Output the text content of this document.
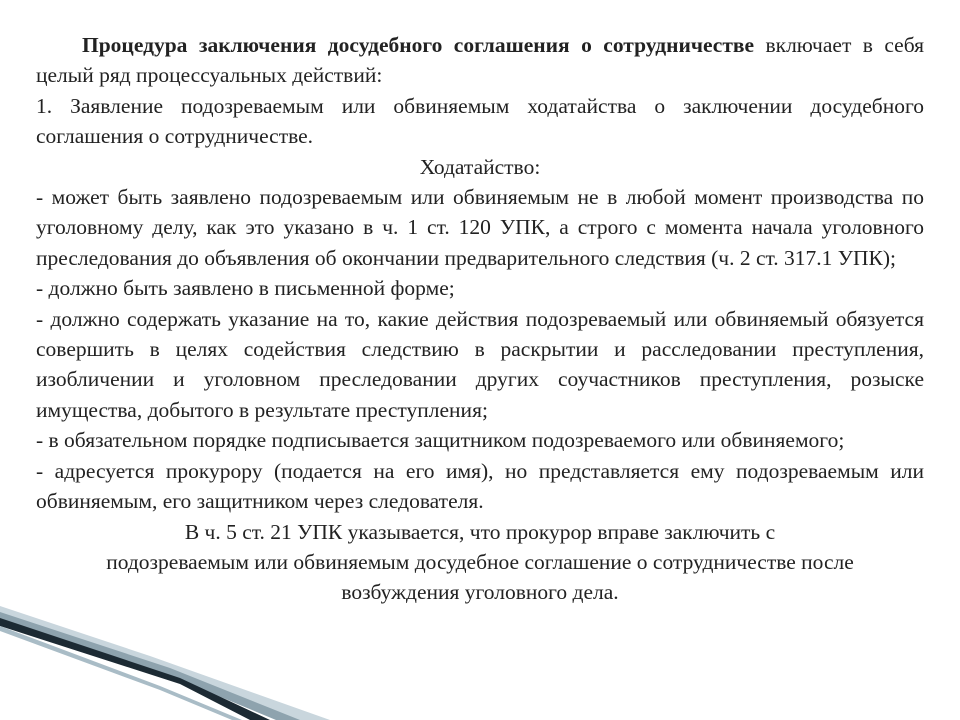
Процедура заключения досудебного соглашения о сотрудничестве включает в себя целый ряд процессуальных действий:

1. Заявление подозреваемым или обвиняемым ходатайства о заключении досудебного соглашения о сотрудничестве.

Ходатайство:

- может быть заявлено подозреваемым или обвиняемым не в любой момент производства по уголовному делу, как это указано в ч. 1 ст. 120 УПК, а строго с момента начала уголовного преследования до объявления об окончании предварительного следствия (ч. 2 ст. 317.1 УПК);

- должно быть заявлено в письменной форме;

- должно содержать указание на то, какие действия подозреваемый или обвиняемый обязуется совершить в целях содействия следствию в раскрытии и расследовании преступления, изобличении и уголовном преследовании других соучастников преступления, розыске имущества, добытого в результате преступления;

- в обязательном порядке подписывается защитником подозреваемого или обвиняемого;

- адресуется прокурору (подается на его имя), но представляется ему подозреваемым или обвиняемым, его защитником через следователя.

В ч. 5 ст. 21 УПК указывается, что прокурор вправе заключить с
подозреваемым или обвиняемым досудебное соглашение о сотрудничестве после
возбуждения уголовного дела.
